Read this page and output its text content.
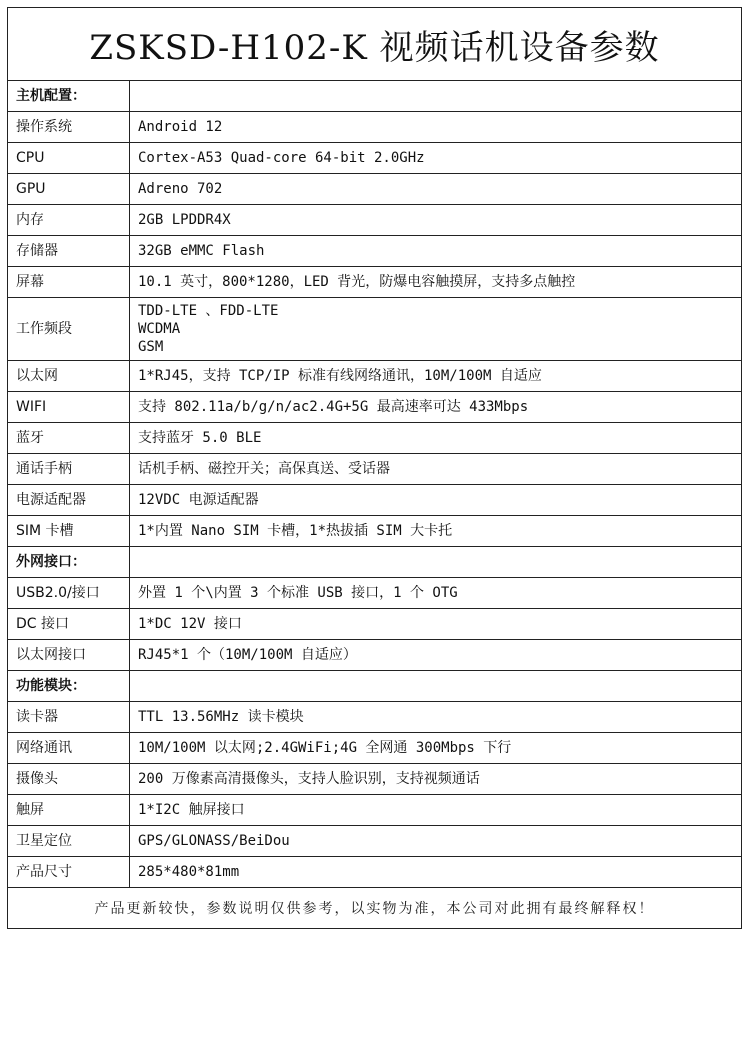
ZSKSD-H102-K 视频话机设备参数
主机配置：	
操作系统	Android 12
CPU	Cortex-A53 Quad-core 64-bit 2.0GHz
GPU	Adreno 702
内存	2GB LPDDR4X
存储器	32GB eMMC Flash
屏幕	10.1 英寸，800*1280，LED 背光，防爆电容触摸屏，支持多点触控
工作频段	TDD-LTE 、FDD-LTE
WCDMA
GSM

以太网	1*RJ45，支持 TCP/IP 标准有线网络通讯，10M/100M 自适应
WIFI	支持 802.11a/b/g/n/ac2.4G+5G 最高速率可达 433Mbps
蓝牙	支持蓝牙 5.0 BLE
通话手柄	话机手柄、磁控开关；高保真送、受话器
电源适配器	12VDC 电源适配器
SIM 卡槽	1*内置 Nano SIM 卡槽，1*热拔插 SIM 大卡托
外网接口：	
USB2.0/接口	外置 1 个\内置 3 个标准 USB 接口，1 个 OTG
DC 接口	1*DC 12V 接口
以太网接口	RJ45*1 个（10M/100M 自适应）
功能模块：	
读卡器	TTL 13.56MHz 读卡模块
网络通讯	10M/100M 以太网;2.4GWiFi;4G 全网通 300Mbps 下行
摄像头	200 万像素高清摄像头，支持人脸识别，支持视频通话
触屏	1*I2C 触屏接口
卫星定位	GPS/GLONASS/BeiDou
产品尺寸	285*480*81mm
产品更新较快，参数说明仅供参考，以实物为准，本公司对此拥有最终解释权！
